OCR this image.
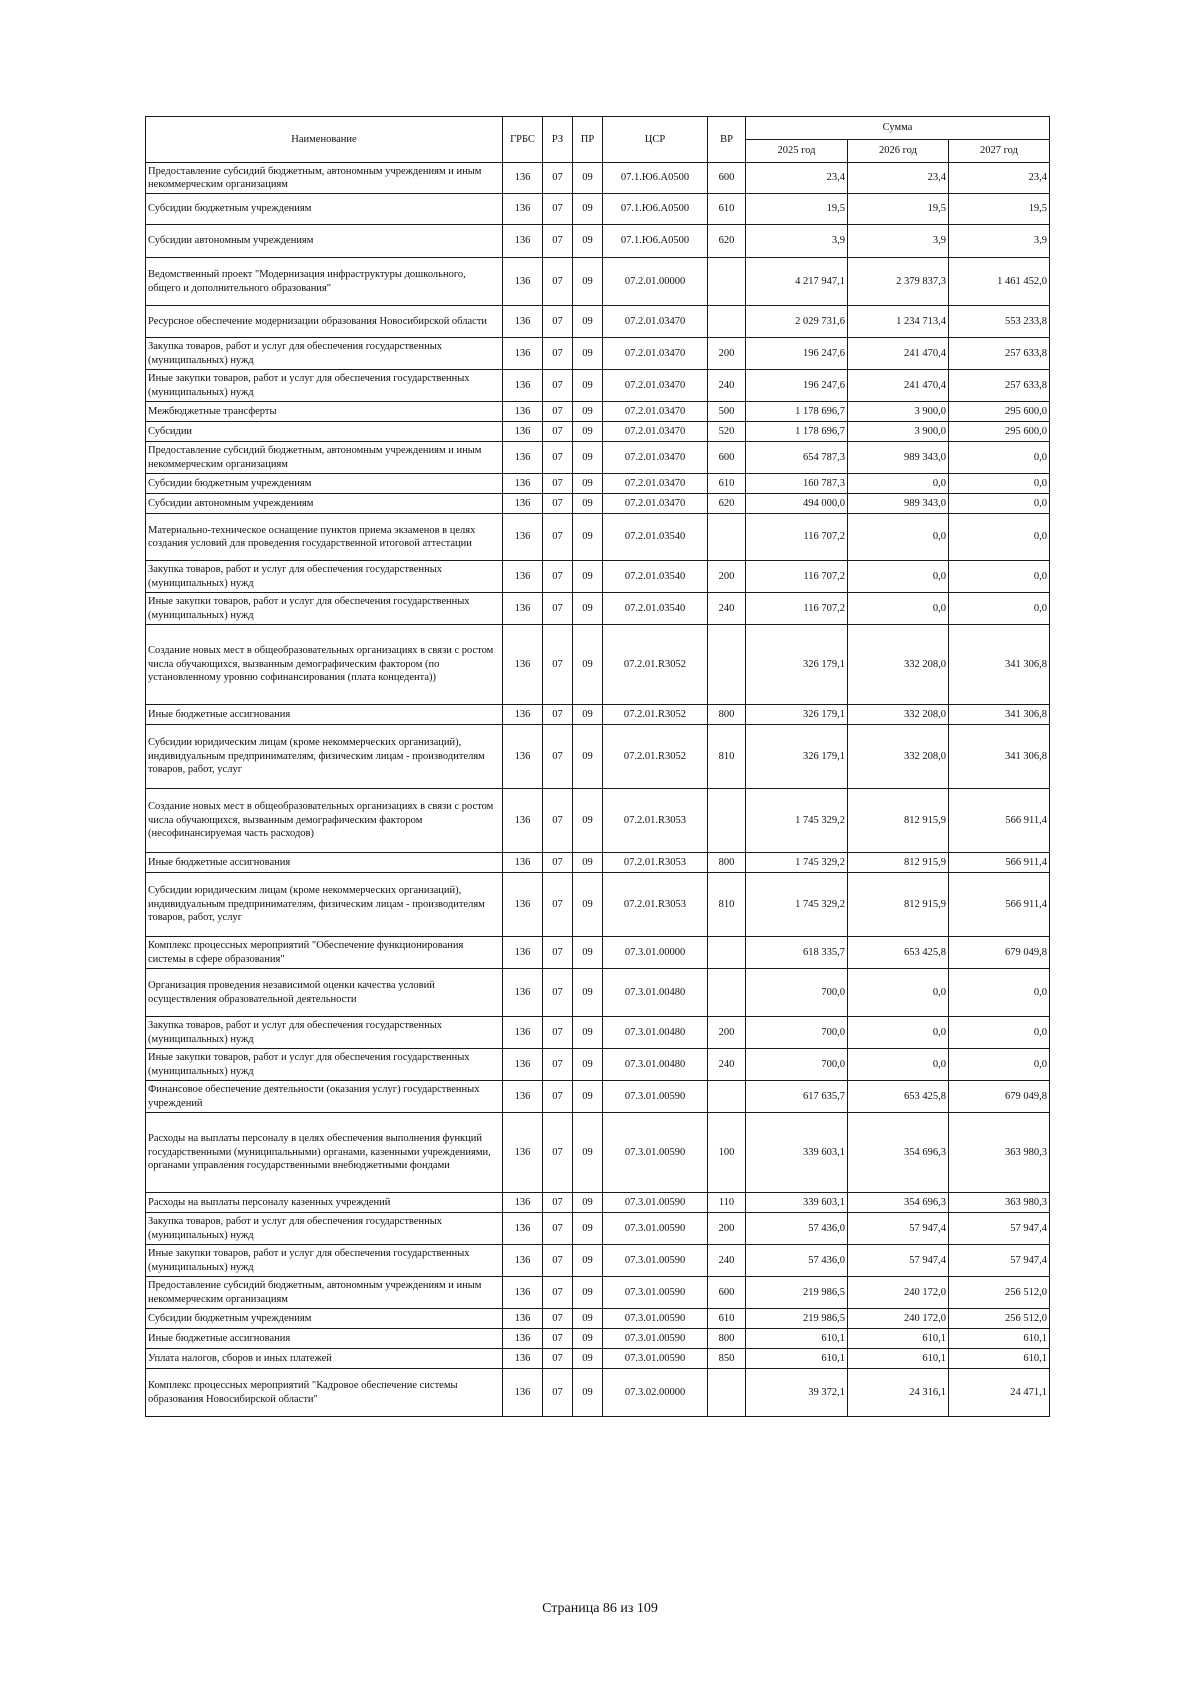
Наименование	ГРБС	РЗ	ПР	ЦСР	ВР	Сумма		
						2025 год	2026 год	2027 год
Предоставление субсидий бюджетным, автономным учреждениям и иным некоммерческим организациям	136	07	09	07.1.Ю6.А0500	600	23,4	23,4	23,4
Субсидии бюджетным учреждениям	136	07	09	07.1.Ю6.А0500	610	19,5	19,5	19,5
Субсидии автономным учреждениям	136	07	09	07.1.Ю6.А0500	620	3,9	3,9	3,9
Ведомственный проект "Модернизация инфраструктуры дошкольного, общего и дополнительного образования"	136	07	09	07.2.01.00000		4 217 947,1	2 379 837,3	1 461 452,0
Ресурсное обеспечение модернизации образования Новосибирской области	136	07	09	07.2.01.03470		2 029 731,6	1 234 713,4	553 233,8
Закупка товаров, работ и услуг для обеспечения государственных (муниципальных) нужд	136	07	09	07.2.01.03470	200	196 247,6	241 470,4	257 633,8
Иные закупки товаров, работ и услуг для обеспечения государственных (муниципальных) нужд	136	07	09	07.2.01.03470	240	196 247,6	241 470,4	257 633,8
Межбюджетные трансферты	136	07	09	07.2.01.03470	500	1 178 696,7	3 900,0	295 600,0
Субсидии	136	07	09	07.2.01.03470	520	1 178 696,7	3 900,0	295 600,0
Предоставление субсидий бюджетным, автономным учреждениям и иным некоммерческим организациям	136	07	09	07.2.01.03470	600	654 787,3	989 343,0	0,0
Субсидии бюджетным учреждениям	136	07	09	07.2.01.03470	610	160 787,3	0,0	0,0
Субсидии автономным учреждениям	136	07	09	07.2.01.03470	620	494 000,0	989 343,0	0,0
Материально-техническое оснащение пунктов приема экзаменов в целях создания условий для проведения государственной итоговой аттестации	136	07	09	07.2.01.03540		116 707,2	0,0	0,0
Закупка товаров, работ и услуг для обеспечения государственных (муниципальных) нужд	136	07	09	07.2.01.03540	200	116 707,2	0,0	0,0
Иные закупки товаров, работ и услуг для обеспечения государственных (муниципальных) нужд	136	07	09	07.2.01.03540	240	116 707,2	0,0	0,0
Создание новых мест в общеобразовательных организациях в связи с ростом числа обучающихся, вызванным демографическим фактором (по установленному уровню софинансирования (плата концедента))	136	07	09	07.2.01.R3052		326 179,1	332 208,0	341 306,8
Иные бюджетные ассигнования	136	07	09	07.2.01.R3052	800	326 179,1	332 208,0	341 306,8
Субсидии юридическим лицам (кроме некоммерческих организаций), индивидуальным предпринимателям, физическим лицам - производителям товаров, работ, услуг	136	07	09	07.2.01.R3052	810	326 179,1	332 208,0	341 306,8
Создание новых мест в общеобразовательных организациях в связи с ростом числа обучающихся, вызванным демографическим фактором (несофинансируемая часть расходов)	136	07	09	07.2.01.R3053		1 745 329,2	812 915,9	566 911,4
Иные бюджетные ассигнования	136	07	09	07.2.01.R3053	800	1 745 329,2	812 915,9	566 911,4
Субсидии юридическим лицам (кроме некоммерческих организаций), индивидуальным предпринимателям, физическим лицам - производителям товаров, работ, услуг	136	07	09	07.2.01.R3053	810	1 745 329,2	812 915,9	566 911,4
Комплекс процессных мероприятий "Обеспечение функционирования системы в сфере образования"	136	07	09	07.3.01.00000		618 335,7	653 425,8	679 049,8
Организация проведения независимой оценки качества условий осуществления образовательной деятельности	136	07	09	07.3.01.00480		700,0	0,0	0,0
Закупка товаров, работ и услуг для обеспечения государственных (муниципальных) нужд	136	07	09	07.3.01.00480	200	700,0	0,0	0,0
Иные закупки товаров, работ и услуг для обеспечения государственных (муниципальных) нужд	136	07	09	07.3.01.00480	240	700,0	0,0	0,0
Финансовое обеспечение деятельности (оказания услуг) государственных учреждений	136	07	09	07.3.01.00590		617 635,7	653 425,8	679 049,8
Расходы на выплаты персоналу в целях обеспечения выполнения функций государственными (муниципальными) органами, казенными учреждениями, органами управления государственными внебюджетными фондами	136	07	09	07.3.01.00590	100	339 603,1	354 696,3	363 980,3
Расходы на выплаты персоналу казенных учреждений	136	07	09	07.3.01.00590	110	339 603,1	354 696,3	363 980,3
Закупка товаров, работ и услуг для обеспечения государственных (муниципальных) нужд	136	07	09	07.3.01.00590	200	57 436,0	57 947,4	57 947,4
Иные закупки товаров, работ и услуг для обеспечения государственных (муниципальных) нужд	136	07	09	07.3.01.00590	240	57 436,0	57 947,4	57 947,4
Предоставление субсидий бюджетным, автономным учреждениям и иным некоммерческим организациям	136	07	09	07.3.01.00590	600	219 986,5	240 172,0	256 512,0
Субсидии бюджетным учреждениям	136	07	09	07.3.01.00590	610	219 986,5	240 172,0	256 512,0
Иные бюджетные ассигнования	136	07	09	07.3.01.00590	800	610,1	610,1	610,1
Уплата налогов, сборов и иных платежей	136	07	09	07.3.01.00590	850	610,1	610,1	610,1
Комплекс процессных мероприятий "Кадровое обеспечение системы образования Новосибирской области"	136	07	09	07.3.02.00000		39 372,1	24 316,1	24 471,1
Страница 86 из 109
